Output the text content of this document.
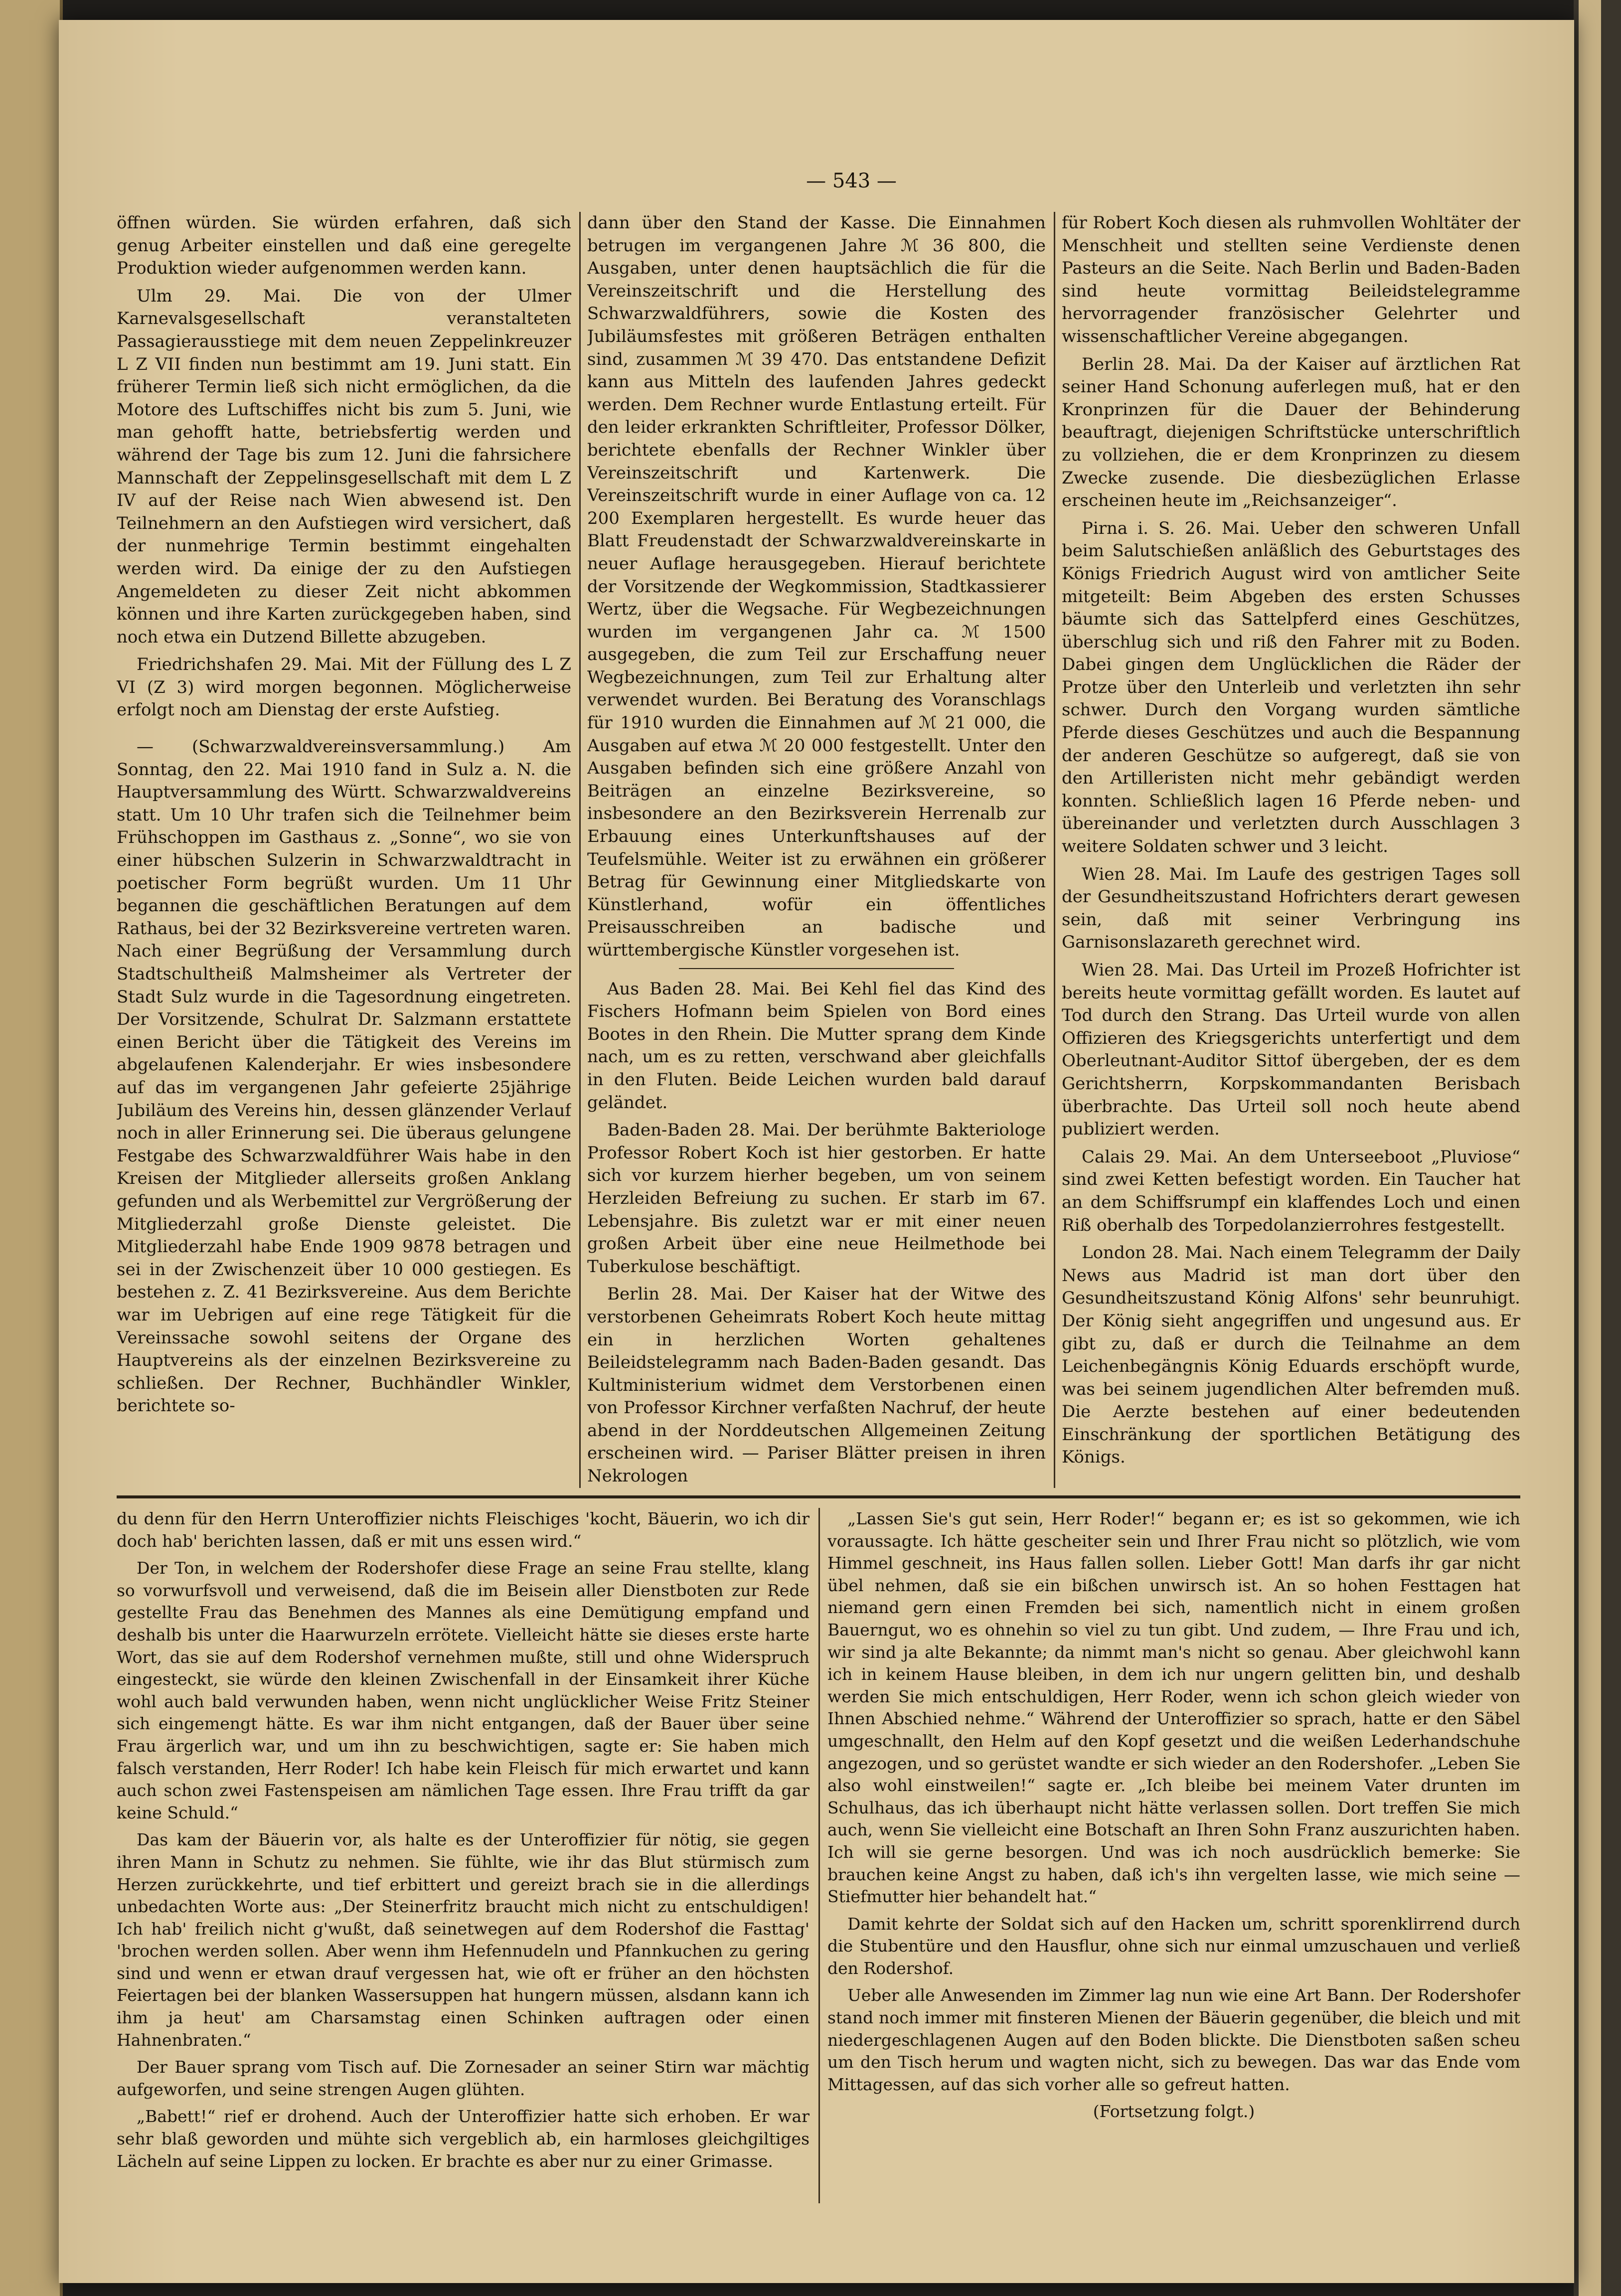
— 543 —

öffnen würden. Sie würden erfahren, daß sich genug Arbeiter einstellen und daß eine geregelte Produktion wieder aufgenommen werden kann.

Ulm 29. Mai. Die von der Ulmer Karnevalsgesellschaft veranstalteten Passagierausstiege mit dem neuen Zeppelinkreuzer L Z VII finden nun bestimmt am 19. Juni statt. Ein früherer Termin ließ sich nicht ermöglichen, da die Motore des Luftschiffes nicht bis zum 5. Juni, wie man gehofft hatte, betriebsfertig werden und während der Tage bis zum 12. Juni die fahrsichere Mannschaft der Zeppelinsgesellschaft mit dem L Z IV auf der Reise nach Wien abwesend ist. Den Teilnehmern an den Aufstiegen wird versichert, daß der nunmehrige Termin bestimmt eingehalten werden wird. Da einige der zu den Aufstiegen Angemeldeten zu dieser Zeit nicht abkommen können und ihre Karten zurückgegeben haben, sind noch etwa ein Dutzend Billette abzugeben.

Friedrichshafen 29. Mai. Mit der Füllung des L Z VI (Z 3) wird morgen begonnen. Möglicherweise erfolgt noch am Dienstag der erste Aufstieg.

— (Schwarzwaldvereinsversammlung.) Am Sonntag, den 22. Mai 1910 fand in Sulz a. N. die Hauptversammlung des Württ. Schwarzwaldvereins statt. Um 10 Uhr trafen sich die Teilnehmer beim Frühschoppen im Gasthaus z. „Sonne“, wo sie von einer hübschen Sulzerin in Schwarzwaldtracht in poetischer Form begrüßt wurden. Um 11 Uhr begannen die geschäftlichen Beratungen auf dem Rathaus, bei der 32 Bezirksvereine vertreten waren. Nach einer Begrüßung der Versammlung durch Stadtschultheiß Malmsheimer als Vertreter der Stadt Sulz wurde in die Tagesordnung eingetreten. Der Vorsitzende, Schulrat Dr. Salzmann erstattete einen Bericht über die Tätigkeit des Vereins im abgelaufenen Kalenderjahr. Er wies insbesondere auf das im vergangenen Jahr gefeierte 25jährige Jubiläum des Vereins hin, dessen glänzender Verlauf noch in aller Erinnerung sei. Die überaus gelungene Festgabe des Schwarzwaldführer Wais habe in den Kreisen der Mitglieder allerseits großen Anklang gefunden und als Werbemittel zur Vergrößerung der Mitgliederzahl große Dienste geleistet. Die Mitgliederzahl habe Ende 1909 9878 betragen und sei in der Zwischenzeit über 10 000 gestiegen. Es bestehen z. Z. 41 Bezirksvereine. Aus dem Berichte war im Uebrigen auf eine rege Tätigkeit für die Vereinssache sowohl seitens der Organe des Hauptvereins als der einzelnen Bezirksvereine zu schließen. Der Rechner, Buchhändler Winkler, berichtete so-

dann über den Stand der Kasse. Die Einnahmen betrugen im vergangenen Jahre ℳ 36 800, die Ausgaben, unter denen hauptsächlich die für die Vereinszeitschrift und die Herstellung des Schwarzwaldführers, sowie die Kosten des Jubiläumsfestes mit größeren Beträgen enthalten sind, zusammen ℳ 39 470. Das entstandene Defizit kann aus Mitteln des laufenden Jahres gedeckt werden. Dem Rechner wurde Entlastung erteilt. Für den leider erkrankten Schriftleiter, Professor Dölker, berichtete ebenfalls der Rechner Winkler über Vereinszeitschrift und Kartenwerk. Die Vereinszeitschrift wurde in einer Auflage von ca. 12 200 Exemplaren hergestellt. Es wurde heuer das Blatt Freudenstadt der Schwarzwaldvereinskarte in neuer Auflage herausgegeben. Hierauf berichtete der Vorsitzende der Wegkommission, Stadtkassierer Wertz, über die Wegsache. Für Wegbezeichnungen wurden im vergangenen Jahr ca. ℳ 1500 ausgegeben, die zum Teil zur Erschaffung neuer Wegbezeichnungen, zum Teil zur Erhaltung alter verwendet wurden. Bei Beratung des Voranschlags für 1910 wurden die Einnahmen auf ℳ 21 000, die Ausgaben auf etwa ℳ 20 000 festgestellt. Unter den Ausgaben befinden sich eine größere Anzahl von Beiträgen an einzelne Bezirksvereine, so insbesondere an den Bezirksverein Herrenalb zur Erbauung eines Unterkunftshauses auf der Teufelsmühle. Weiter ist zu erwähnen ein größerer Betrag für Gewinnung einer Mitgliedskarte von Künstlerhand, wofür ein öffentliches Preisausschreiben an badische und württembergische Künstler vorgesehen ist.

Aus Baden 28. Mai. Bei Kehl fiel das Kind des Fischers Hofmann beim Spielen von Bord eines Bootes in den Rhein. Die Mutter sprang dem Kinde nach, um es zu retten, verschwand aber gleichfalls in den Fluten. Beide Leichen wurden bald darauf geländet.

Baden-Baden 28. Mai. Der berühmte Bakteriologe Professor Robert Koch ist hier gestorben. Er hatte sich vor kurzem hierher begeben, um von seinem Herzleiden Befreiung zu suchen. Er starb im 67. Lebensjahre. Bis zuletzt war er mit einer neuen großen Arbeit über eine neue Heilmethode bei Tuberkulose beschäftigt.

Berlin 28. Mai. Der Kaiser hat der Witwe des verstorbenen Geheimrats Robert Koch heute mittag ein in herzlichen Worten gehaltenes Beileidstelegramm nach Baden-Baden gesandt. Das Kultministerium widmet dem Verstorbenen einen von Professor Kirchner verfaßten Nachruf, der heute abend in der Norddeutschen Allgemeinen Zeitung erscheinen wird. — Pariser Blätter preisen in ihren Nekrologen

für Robert Koch diesen als ruhmvollen Wohltäter der Menschheit und stellten seine Verdienste denen Pasteurs an die Seite. Nach Berlin und Baden-Baden sind heute vormittag Beileidstelegramme hervorragender französischer Gelehrter und wissenschaftlicher Vereine abgegangen.

Berlin 28. Mai. Da der Kaiser auf ärztlichen Rat seiner Hand Schonung auferlegen muß, hat er den Kronprinzen für die Dauer der Behinderung beauftragt, diejenigen Schriftstücke unterschriftlich zu vollziehen, die er dem Kronprinzen zu diesem Zwecke zusende. Die diesbezüglichen Erlasse erscheinen heute im „Reichsanzeiger“.

Pirna i. S. 26. Mai. Ueber den schweren Unfall beim Salutschießen anläßlich des Geburtstages des Königs Friedrich August wird von amtlicher Seite mitgeteilt: Beim Abgeben des ersten Schusses bäumte sich das Sattelpferd eines Geschützes, überschlug sich und riß den Fahrer mit zu Boden. Dabei gingen dem Unglücklichen die Räder der Protze über den Unterleib und verletzten ihn sehr schwer. Durch den Vorgang wurden sämtliche Pferde dieses Geschützes und auch die Bespannung der anderen Geschütze so aufgeregt, daß sie von den Artilleristen nicht mehr gebändigt werden konnten. Schließlich lagen 16 Pferde neben- und übereinander und verletzten durch Ausschlagen 3 weitere Soldaten schwer und 3 leicht.

Wien 28. Mai. Im Laufe des gestrigen Tages soll der Gesundheitszustand Hofrichters derart gewesen sein, daß mit seiner Verbringung ins Garnisonslazareth gerechnet wird.

Wien 28. Mai. Das Urteil im Prozeß Hofrichter ist bereits heute vormittag gefällt worden. Es lautet auf Tod durch den Strang. Das Urteil wurde von allen Offizieren des Kriegsgerichts unterfertigt und dem Oberleutnant-Auditor Sittof übergeben, der es dem Gerichtsherrn, Korpskommandanten Berisbach überbrachte. Das Urteil soll noch heute abend publiziert werden.

Calais 29. Mai. An dem Unterseeboot „Pluviose“ sind zwei Ketten befestigt worden. Ein Taucher hat an dem Schiffsrumpf ein klaffendes Loch und einen Riß oberhalb des Torpedolanzierrohres festgestellt.

London 28. Mai. Nach einem Telegramm der Daily News aus Madrid ist man dort über den Gesundheitszustand König Alfons' sehr beunruhigt. Der König sieht angegriffen und ungesund aus. Er gibt zu, daß er durch die Teilnahme an dem Leichenbegängnis König Eduards erschöpft wurde, was bei seinem jugendlichen Alter befremden muß. Die Aerzte bestehen auf einer bedeutenden Einschränkung der sportlichen Betätigung des Königs.

du denn für den Herrn Unteroffizier nichts Fleischiges 'kocht, Bäuerin, wo ich dir doch hab' berichten lassen, daß er mit uns essen wird.“

Der Ton, in welchem der Rodershofer diese Frage an seine Frau stellte, klang so vorwurfsvoll und verweisend, daß die im Beisein aller Dienstboten zur Rede gestellte Frau das Benehmen des Mannes als eine Demütigung empfand und deshalb bis unter die Haarwurzeln errötete. Vielleicht hätte sie dieses erste harte Wort, das sie auf dem Rodershof vernehmen mußte, still und ohne Widerspruch eingesteckt, sie würde den kleinen Zwischenfall in der Einsamkeit ihrer Küche wohl auch bald verwunden haben, wenn nicht unglücklicher Weise Fritz Steiner sich eingemengt hätte. Es war ihm nicht entgangen, daß der Bauer über seine Frau ärgerlich war, und um ihn zu beschwichtigen, sagte er: Sie haben mich falsch verstanden, Herr Roder! Ich habe kein Fleisch für mich erwartet und kann auch schon zwei Fastenspeisen am nämlichen Tage essen. Ihre Frau trifft da gar keine Schuld.“

Das kam der Bäuerin vor, als halte es der Unteroffizier für nötig, sie gegen ihren Mann in Schutz zu nehmen. Sie fühlte, wie ihr das Blut stürmisch zum Herzen zurückkehrte, und tief erbittert und gereizt brach sie in die allerdings unbedachten Worte aus: „Der Steinerfritz braucht mich nicht zu entschuldigen! Ich hab' freilich nicht g'wußt, daß seinetwegen auf dem Rodershof die Fasttag' 'brochen werden sollen. Aber wenn ihm Hefennudeln und Pfannkuchen zu gering sind und wenn er etwan drauf vergessen hat, wie oft er früher an den höchsten Feiertagen bei der blanken Wassersuppen hat hungern müssen, alsdann kann ich ihm ja heut' am Charsamstag einen Schinken auftragen oder einen Hahnenbraten.“

Der Bauer sprang vom Tisch auf. Die Zornesader an seiner Stirn war mächtig aufgeworfen, und seine strengen Augen glühten.

„Babett!“ rief er drohend. Auch der Unteroffizier hatte sich erhoben. Er war sehr blaß geworden und mühte sich vergeblich ab, ein harmloses gleichgiltiges Lächeln auf seine Lippen zu locken. Er brachte es aber nur zu einer Grimasse.

„Lassen Sie's gut sein, Herr Roder!“ begann er; es ist so gekommen, wie ich voraussagte. Ich hätte gescheiter sein und Ihrer Frau nicht so plötzlich, wie vom Himmel geschneit, ins Haus fallen sollen. Lieber Gott! Man darfs ihr gar nicht übel nehmen, daß sie ein bißchen unwirsch ist. An so hohen Festtagen hat niemand gern einen Fremden bei sich, namentlich nicht in einem großen Bauerngut, wo es ohnehin so viel zu tun gibt. Und zudem, — Ihre Frau und ich, wir sind ja alte Bekannte; da nimmt man's nicht so genau. Aber gleichwohl kann ich in keinem Hause bleiben, in dem ich nur ungern gelitten bin, und deshalb werden Sie mich entschuldigen, Herr Roder, wenn ich schon gleich wieder von Ihnen Abschied nehme.“ Während der Unteroffizier so sprach, hatte er den Säbel umgeschnallt, den Helm auf den Kopf gesetzt und die weißen Lederhandschuhe angezogen, und so gerüstet wandte er sich wieder an den Rodershofer. „Leben Sie also wohl einstweilen!“ sagte er. „Ich bleibe bei meinem Vater drunten im Schulhaus, das ich überhaupt nicht hätte verlassen sollen. Dort treffen Sie mich auch, wenn Sie vielleicht eine Botschaft an Ihren Sohn Franz auszurichten haben. Ich will sie gerne besorgen. Und was ich noch ausdrücklich bemerke: Sie brauchen keine Angst zu haben, daß ich's ihn vergelten lasse, wie mich seine — Stiefmutter hier behandelt hat.“

Damit kehrte der Soldat sich auf den Hacken um, schritt sporenklirrend durch die Stubentüre und den Hausflur, ohne sich nur einmal umzuschauen und verließ den Rodershof.

Ueber alle Anwesenden im Zimmer lag nun wie eine Art Bann. Der Rodershofer stand noch immer mit finsteren Mienen der Bäuerin gegenüber, die bleich und mit niedergeschlagenen Augen auf den Boden blickte. Die Dienstboten saßen scheu um den Tisch herum und wagten nicht, sich zu bewegen. Das war das Ende vom Mittagessen, auf das sich vorher alle so gefreut hatten.

(Fortsetzung folgt.)
